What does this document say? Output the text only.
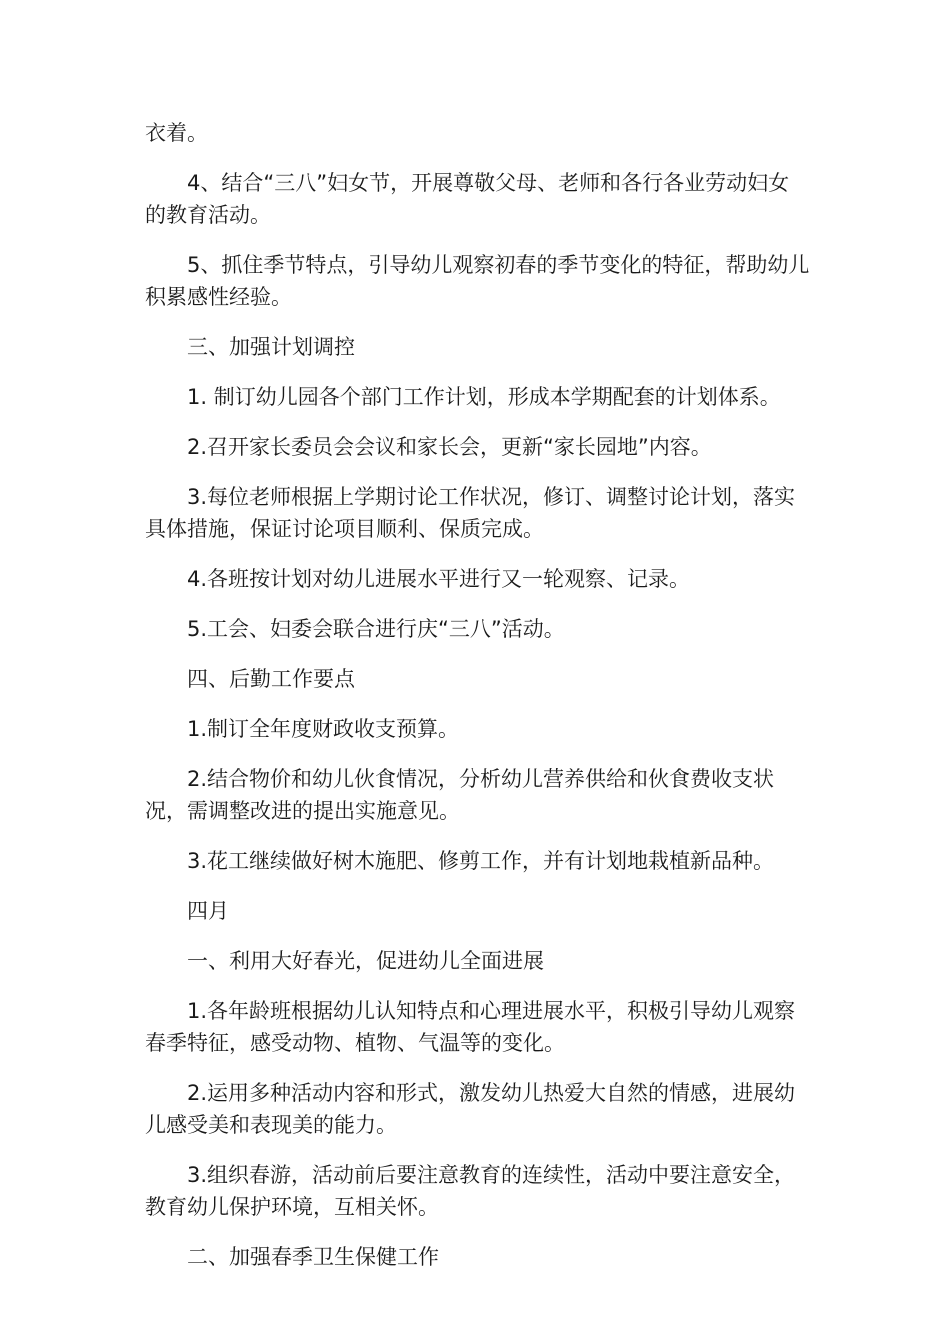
衣着。

4、结合“三八”妇女节，开展尊敬父母、老师和各行各业劳动妇女的教育活动。

5、抓住季节特点，引导幼儿观察初春的季节变化的特征，帮助幼儿积累感性经验。

三、加强计划调控

1. 制订幼儿园各个部门工作计划，形成本学期配套的计划体系。

2.召开家长委员会会议和家长会，更新“家长园地”内容。

3.每位老师根据上学期讨论工作状况，修订、调整讨论计划，落实具体措施，保证讨论项目顺利、保质完成。

4.各班按计划对幼儿进展水平进行又一轮观察、记录。

5.工会、妇委会联合进行庆“三八”活动。

四、后勤工作要点

1.制订全年度财政收支预算。

2.结合物价和幼儿伙食情况，分析幼儿营养供给和伙食费收支状况，需调整改进的提出实施意见。

3.花工继续做好树木施肥、修剪工作，并有计划地栽植新品种。

四月

一、利用大好春光，促进幼儿全面进展

1.各年龄班根据幼儿认知特点和心理进展水平，积极引导幼儿观察春季特征，感受动物、植物、气温等的变化。

2.运用多种活动内容和形式，激发幼儿热爱大自然的情感，进展幼儿感受美和表现美的能力。

3.组织春游，活动前后要注意教育的连续性，活动中要注意安全，教育幼儿保护环境，互相关怀。

二、加强春季卫生保健工作
